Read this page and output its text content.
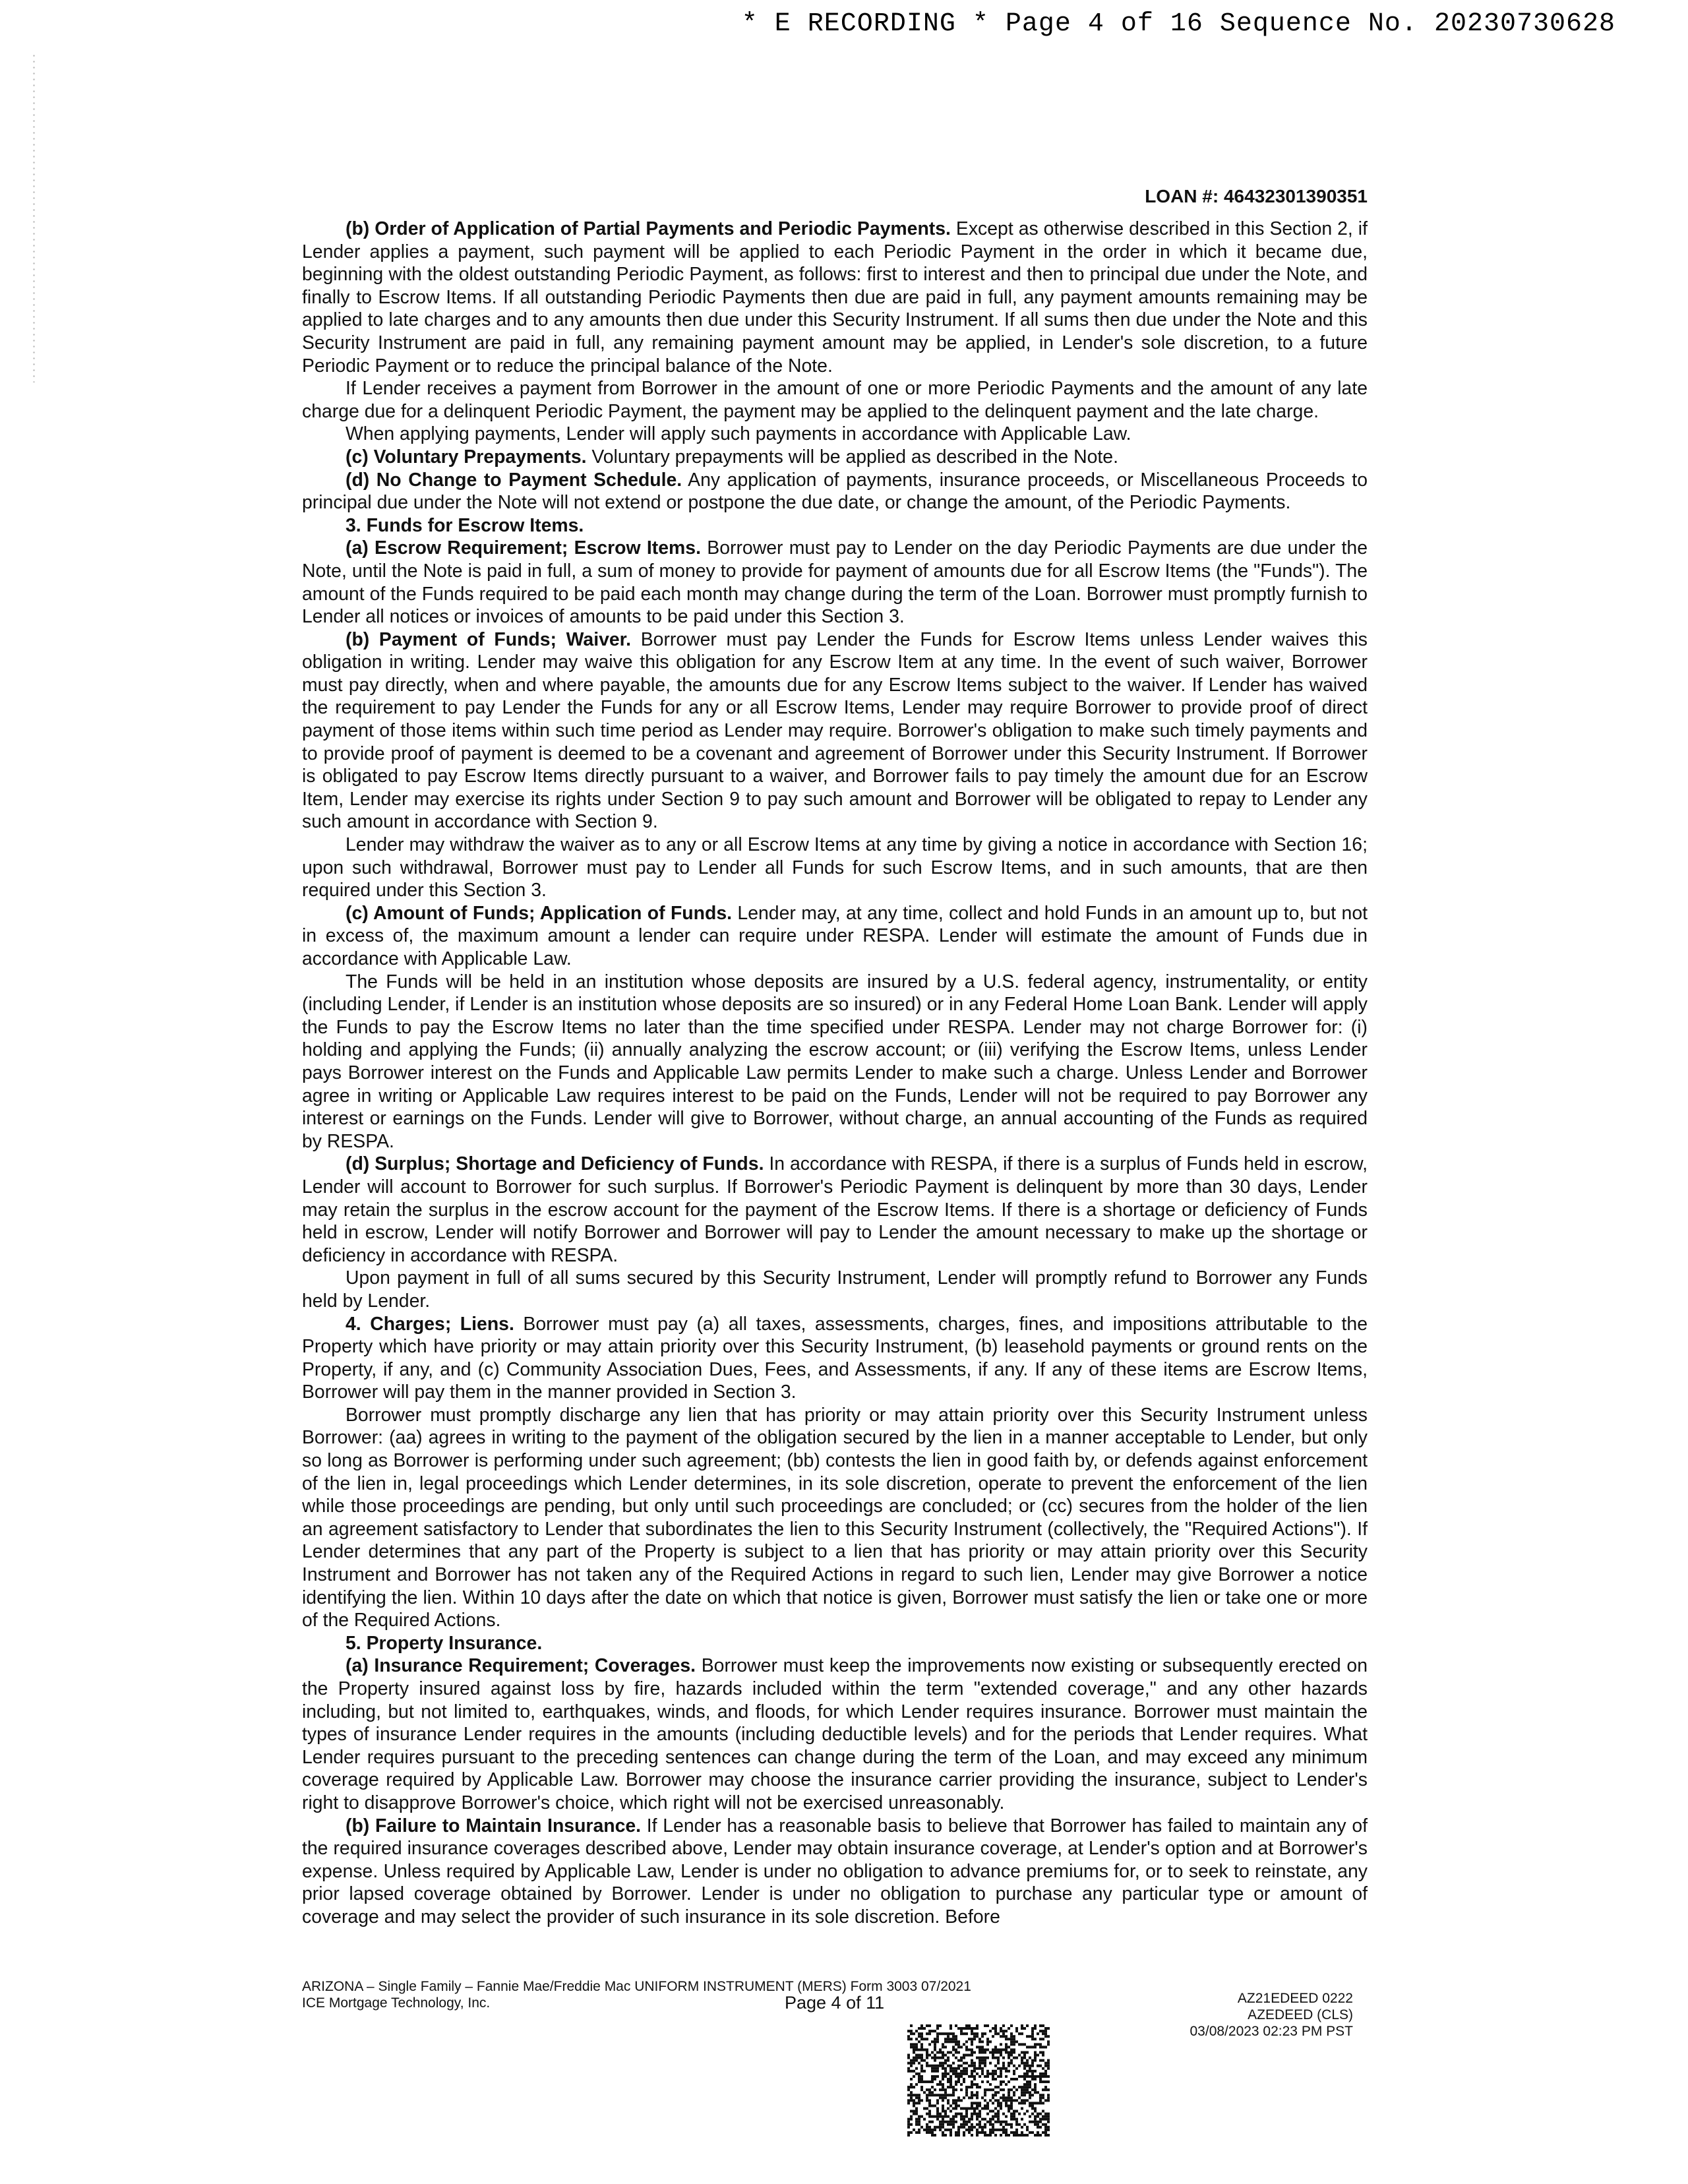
* E RECORDING * Page 4 of 16 Sequence No. 20230730628
LOAN #: 46432301390351

(b) Order of Application of Partial Payments and Periodic Payments. Except as otherwise described in this Section 2, if Lender applies a payment, such payment will be applied to each Periodic Payment in the order in which it became due, beginning with the oldest outstanding Periodic Payment, as follows: first to interest and then to principal due under the Note, and finally to Escrow Items. If all outstanding Periodic Payments then due are paid in full, any payment amounts remaining may be applied to late charges and to any amounts then due under this Security Instrument. If all sums then due under the Note and this Security Instrument are paid in full, any remaining payment amount may be applied, in Lender's sole discretion, to a future Periodic Payment or to reduce the principal balance of the Note.

If Lender receives a payment from Borrower in the amount of one or more Periodic Payments and the amount of any late charge due for a delinquent Periodic Payment, the payment may be applied to the delinquent payment and the late charge.

When applying payments, Lender will apply such payments in accordance with Applicable Law.

(c) Voluntary Prepayments. Voluntary prepayments will be applied as described in the Note.

(d) No Change to Payment Schedule. Any application of payments, insurance proceeds, or Miscellaneous Proceeds to principal due under the Note will not extend or postpone the due date, or change the amount, of the Periodic Payments.

3. Funds for Escrow Items.

(a) Escrow Requirement; Escrow Items. Borrower must pay to Lender on the day Periodic Payments are due under the Note, until the Note is paid in full, a sum of money to provide for payment of amounts due for all Escrow Items (the "Funds"). The amount of the Funds required to be paid each month may change during the term of the Loan. Borrower must promptly furnish to Lender all notices or invoices of amounts to be paid under this Section 3.

(b) Payment of Funds; Waiver. Borrower must pay Lender the Funds for Escrow Items unless Lender waives this obligation in writing. Lender may waive this obligation for any Escrow Item at any time. In the event of such waiver, Borrower must pay directly, when and where payable, the amounts due for any Escrow Items subject to the waiver. If Lender has waived the requirement to pay Lender the Funds for any or all Escrow Items, Lender may require Borrower to provide proof of direct payment of those items within such time period as Lender may require. Borrower's obligation to make such timely payments and to provide proof of payment is deemed to be a covenant and agreement of Borrower under this Security Instrument. If Borrower is obligated to pay Escrow Items directly pursuant to a waiver, and Borrower fails to pay timely the amount due for an Escrow Item, Lender may exercise its rights under Section 9 to pay such amount and Borrower will be obligated to repay to Lender any such amount in accordance with Section 9.

Lender may withdraw the waiver as to any or all Escrow Items at any time by giving a notice in accordance with Section 16; upon such withdrawal, Borrower must pay to Lender all Funds for such Escrow Items, and in such amounts, that are then required under this Section 3.

(c) Amount of Funds; Application of Funds. Lender may, at any time, collect and hold Funds in an amount up to, but not in excess of, the maximum amount a lender can require under RESPA. Lender will estimate the amount of Funds due in accordance with Applicable Law.

The Funds will be held in an institution whose deposits are insured by a U.S. federal agency, instrumentality, or entity (including Lender, if Lender is an institution whose deposits are so insured) or in any Federal Home Loan Bank. Lender will apply the Funds to pay the Escrow Items no later than the time specified under RESPA. Lender may not charge Borrower for: (i) holding and applying the Funds; (ii) annually analyzing the escrow account; or (iii) verifying the Escrow Items, unless Lender pays Borrower interest on the Funds and Applicable Law permits Lender to make such a charge. Unless Lender and Borrower agree in writing or Applicable Law requires interest to be paid on the Funds, Lender will not be required to pay Borrower any interest or earnings on the Funds. Lender will give to Borrower, without charge, an annual accounting of the Funds as required by RESPA.

(d) Surplus; Shortage and Deficiency of Funds. In accordance with RESPA, if there is a surplus of Funds held in escrow, Lender will account to Borrower for such surplus. If Borrower's Periodic Payment is delinquent by more than 30 days, Lender may retain the surplus in the escrow account for the payment of the Escrow Items. If there is a shortage or deficiency of Funds held in escrow, Lender will notify Borrower and Borrower will pay to Lender the amount necessary to make up the shortage or deficiency in accordance with RESPA.

Upon payment in full of all sums secured by this Security Instrument, Lender will promptly refund to Borrower any Funds held by Lender.

4. Charges; Liens. Borrower must pay (a) all taxes, assessments, charges, fines, and impositions attributable to the Property which have priority or may attain priority over this Security Instrument, (b) leasehold payments or ground rents on the Property, if any, and (c) Community Association Dues, Fees, and Assessments, if any. If any of these items are Escrow Items, Borrower will pay them in the manner provided in Section 3.

Borrower must promptly discharge any lien that has priority or may attain priority over this Security Instrument unless Borrower: (aa) agrees in writing to the payment of the obligation secured by the lien in a manner acceptable to Lender, but only so long as Borrower is performing under such agreement; (bb) contests the lien in good faith by, or defends against enforcement of the lien in, legal proceedings which Lender determines, in its sole discretion, operate to prevent the enforcement of the lien while those proceedings are pending, but only until such proceedings are concluded; or (cc) secures from the holder of the lien an agreement satisfactory to Lender that subordinates the lien to this Security Instrument (collectively, the "Required Actions"). If Lender determines that any part of the Property is subject to a lien that has priority or may attain priority over this Security Instrument and Borrower has not taken any of the Required Actions in regard to such lien, Lender may give Borrower a notice identifying the lien. Within 10 days after the date on which that notice is given, Borrower must satisfy the lien or take one or more of the Required Actions.

5. Property Insurance.

(a) Insurance Requirement; Coverages. Borrower must keep the improvements now existing or subsequently erected on the Property insured against loss by fire, hazards included within the term "extended coverage," and any other hazards including, but not limited to, earthquakes, winds, and floods, for which Lender requires insurance. Borrower must maintain the types of insurance Lender requires in the amounts (including deductible levels) and for the periods that Lender requires. What Lender requires pursuant to the preceding sentences can change during the term of the Loan, and may exceed any minimum coverage required by Applicable Law. Borrower may choose the insurance carrier providing the insurance, subject to Lender's right to disapprove Borrower's choice, which right will not be exercised unreasonably.

(b) Failure to Maintain Insurance. If Lender has a reasonable basis to believe that Borrower has failed to maintain any of the required insurance coverages described above, Lender may obtain insurance coverage, at Lender's option and at Borrower's expense. Unless required by Applicable Law, Lender is under no obligation to advance premiums for, or to seek to reinstate, any prior lapsed coverage obtained by Borrower. Lender is under no obligation to purchase any particular type or amount of coverage and may select the provider of such insurance in its sole discretion. Before

ARIZONA – Single Family – Fannie Mae/Freddie Mac UNIFORM INSTRUMENT (MERS) Form 3003 07/2021
ICE Mortgage Technology, Inc.	Page 4 of 11	AZ21EDEED 0222
AZEDEED (CLS)
03/08/2023 02:23 PM PST
